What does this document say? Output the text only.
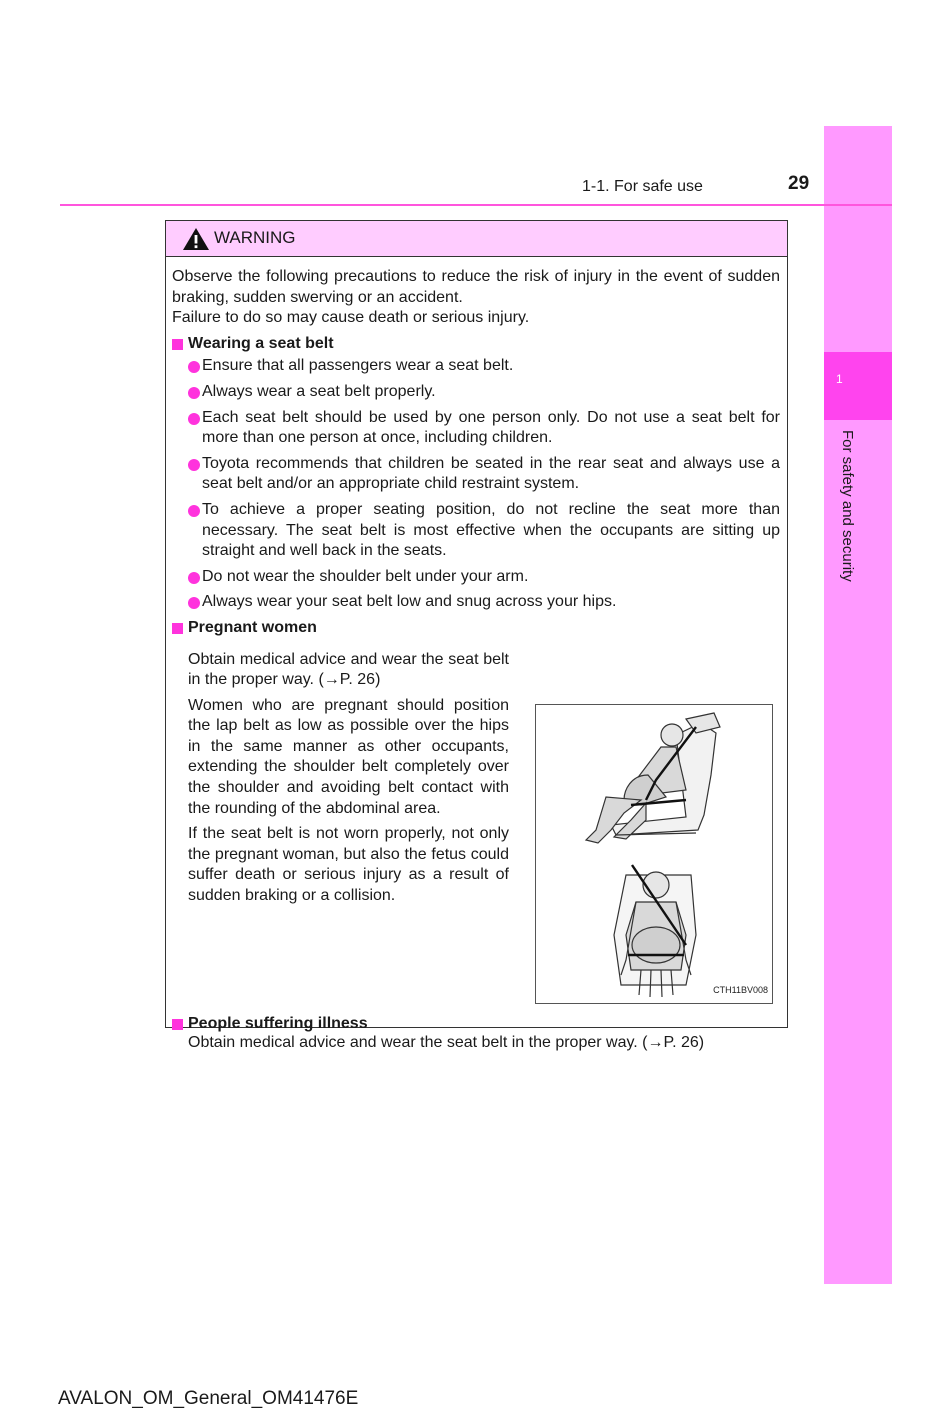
1
For safety and security
1-1. For safe use	29
WARNING

Observe the following precautions to reduce the risk of injury in the event of sudden braking, sudden swerving or an accident.

Failure to do so may cause death or serious injury.

Wearing a seat belt
Ensure that all passengers wear a seat belt.
Always wear a seat belt properly.
Each seat belt should be used by one person only. Do not use a seat belt for more than one person at once, including children.
Toyota recommends that children be seated in the rear seat and always use a seat belt and/or an appropriate child restraint system.
To achieve a proper seating position, do not recline the seat more than necessary. The seat belt is most effective when the occupants are sitting up straight and well back in the seats.
Do not wear the shoulder belt under your arm.
Always wear your seat belt low and snug across your hips.
Pregnant women

Obtain medical advice and wear the seat belt in the proper way. (→P. 26)

Women who are pregnant should position the lap belt as low as possible over the hips in the same manner as other occupants, extending the shoulder belt completely over the shoulder and avoiding belt contact with the rounding of the abdominal area.

If the seat belt is not worn properly, not only the pregnant woman, but also the fetus could suffer death or serious injury as a result of sudden braking or a collision.

CTH11BV008
People suffering illness

Obtain medical advice and wear the seat belt in the proper way. (→P. 26)

AVALON_OM_General_OM41476E
